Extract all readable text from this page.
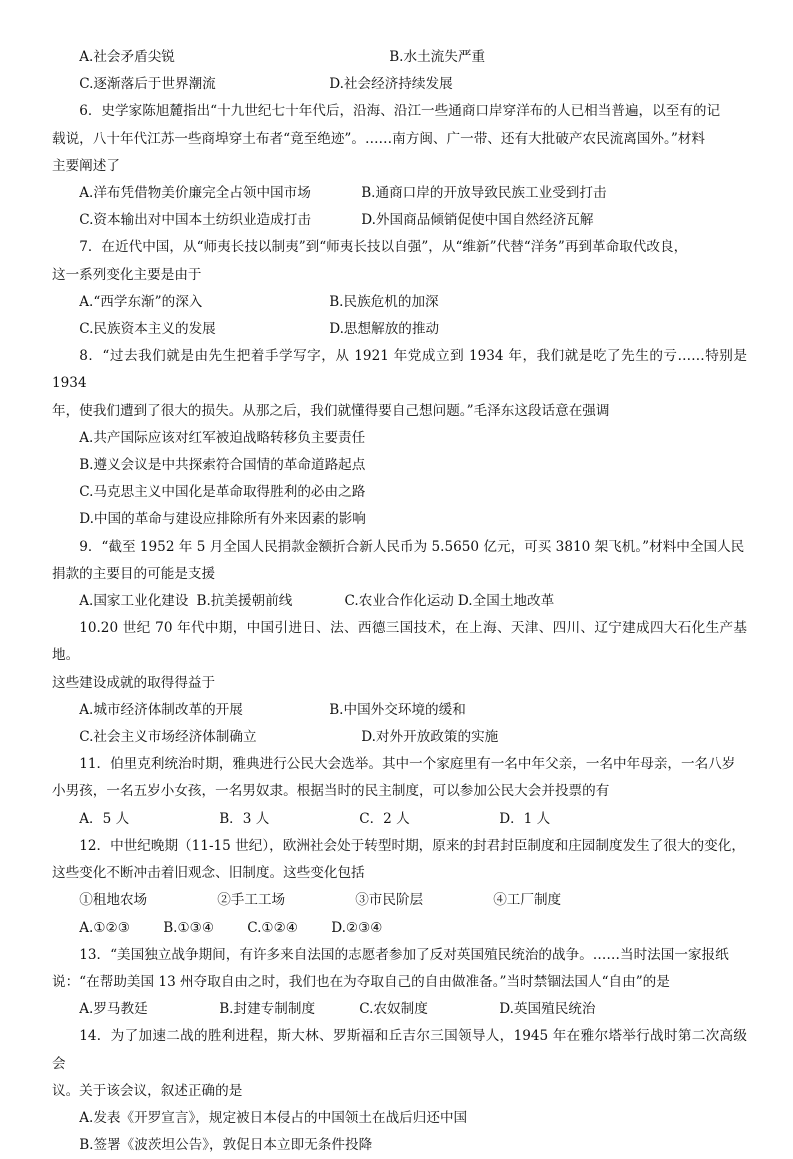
A.社会矛盾尖锐	B.水土流失严重
C.逐渐落后于世界潮流	D.社会经济持续发展

6．史学家陈旭麓指出“十九世纪七十年代后，沿海、沿江一些通商口岸穿洋布的人已相当普遍，以至有的记

载说，八十年代江苏一些商埠穿土布者“竟至绝迹”。……南方闽、广一带、还有大批破产农民流离国外。”材料

主要阐述了

A.洋布凭借物美价廉完全占领中国市场	B.通商口岸的开放导致民族工业受到打击
C.资本输出对中国本土纺织业造成打击	D.外国商品倾销促使中国自然经济瓦解

7．在近代中国，从“师夷长技以制夷”到“师夷长技以自强”，从“维新”代替“洋务”再到革命取代改良，

这一系列变化主要是由于

A.“西学东渐”的深入	B.民族危机的加深
C.民族资本主义的发展	D.思想解放的推动

8．“过去我们就是由先生把着手学写字，从 1921 年党成立到 1934 年，我们就是吃了先生的亏……特别是 1934

年，使我们遭到了很大的损失。从那之后，我们就懂得要自己想问题。”毛泽东这段话意在强调

A.共产国际应该对红军被迫战略转移负主要责任

B.遵义会议是中共探索符合国情的革命道路起点

C.马克思主义中国化是革命取得胜利的必由之路

D.中国的革命与建设应排除所有外来因素的影响

9．“截至 1952 年 5 月全国人民捐款金额折合新人民币为 5.5650 亿元，可买 3810 架飞机。”材料中全国人民

捐款的主要目的可能是支援

A.国家工业化建设 B.抗美援朝前线	C.农业合作化运动 D.全国土地改革

10.20 世纪 70 年代中期，中国引进日、法、西德三国技术，在上海、天津、四川、辽宁建成四大石化生产基地。

这些建设成就的取得得益于

A.城市经济体制改革的开展	B.中国外交环境的缓和
C.社会主义市场经济体制确立	D.对外开放政策的实施

11．伯里克利统治时期，雅典进行公民大会选举。其中一个家庭里有一名中年父亲，一名中年母亲，一名八岁

小男孩，一名五岁小女孩，一名男奴隶。根据当时的民主制度，可以参加公民大会并投票的有

A．5 人	B．3 人	C．2 人	D．1 人

12．中世纪晚期（11-15 世纪），欧洲社会处于转型时期，原来的封君封臣制度和庄园制度发生了很大的变化，

这些变化不断冲击着旧观念、旧制度。这些变化包括

①租地农场	②手工工场	③市民阶层	④工厂制度
A.①②③	B.①③④	C.①②④	D.②③④

13．“美国独立战争期间，有许多来自法国的志愿者参加了反对英国殖民统治的战争。……当时法国一家报纸

说：“在帮助美国 13 州夺取自由之时，我们也在为夺取自己的自由做准备。”当时禁锢法国人“自由”的是

A.罗马教廷	B.封建专制制度	C.农奴制度	D.英国殖民统治

14．为了加速二战的胜利进程，斯大林、罗斯福和丘吉尔三国领导人，1945 年在雅尔塔举行战时第二次高级会

议。关于该会议，叙述正确的是

A.发表《开罗宣言》，规定被日本侵占的中国领土在战后归还中国

B.签署《波茨坦公告》，敦促日本立即无条件投降
